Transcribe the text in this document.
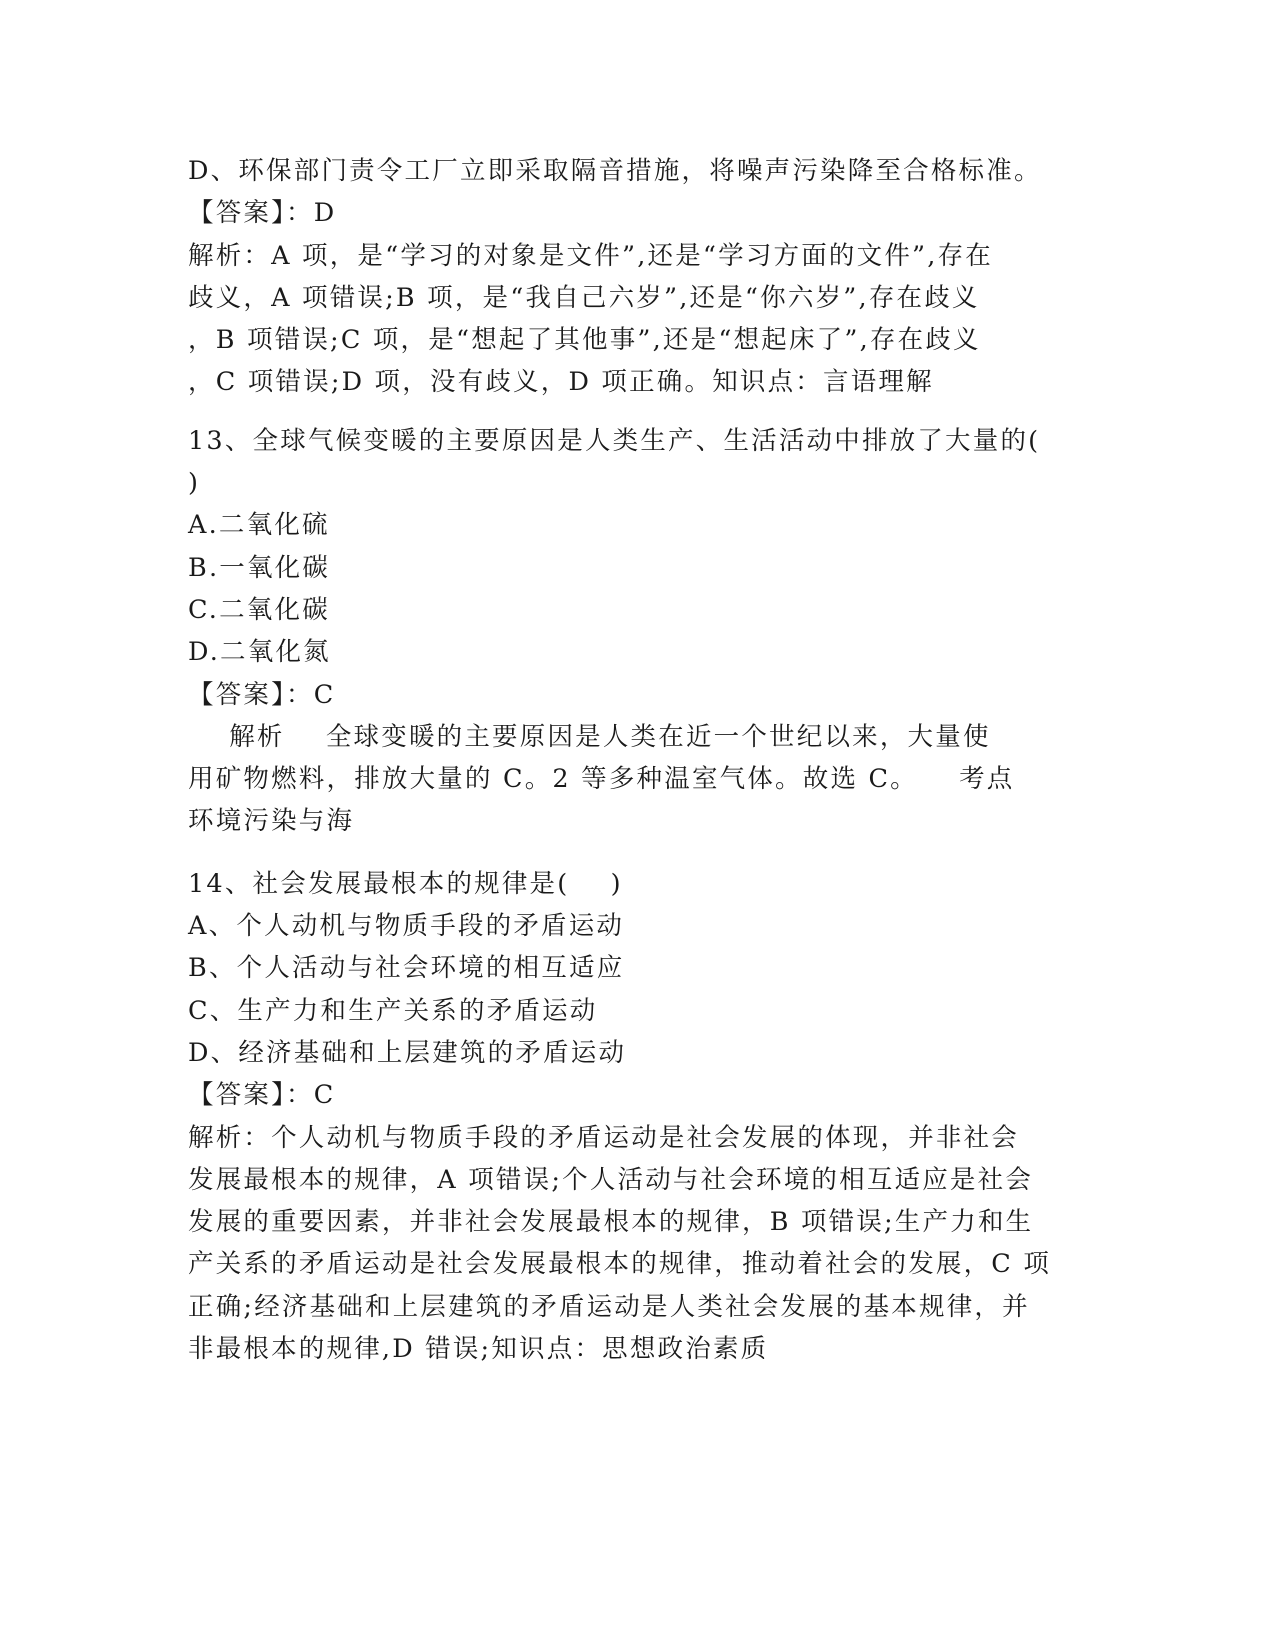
D、环保部门责令工厂立即采取隔音措施，将噪声污染降至合格标准。
【答案】：D
解析：A 项，是“学习的对象是文件”,还是“学习方面的文件”,存在
歧义，A 项错误;B 项，是“我自己六岁”,还是“你六岁”,存在歧义
，B 项错误;C 项，是“想起了其他事”,还是“想起床了”,存在歧义
，C 项错误;D 项，没有歧义，D 项正确。知识点：言语理解
13、全球气候变暖的主要原因是人类生产、生活活动中排放了大量的(
)
A.二氧化硫
B.一氧化碳
C.二氧化碳
D.二氧化氮
【答案】：C
解析    全球变暖的主要原因是人类在近一个世纪以来，大量使
用矿物燃料，排放大量的 C。2 等多种温室气体。故选 C。    考点
环境污染与海
14、社会发展最根本的规律是(    )
A、个人动机与物质手段的矛盾运动
B、个人活动与社会环境的相互适应
C、生产力和生产关系的矛盾运动
D、经济基础和上层建筑的矛盾运动
【答案】：C
解析：个人动机与物质手段的矛盾运动是社会发展的体现，并非社会
发展最根本的规律，A 项错误;个人活动与社会环境的相互适应是社会
发展的重要因素，并非社会发展最根本的规律，B 项错误;生产力和生
产关系的矛盾运动是社会发展最根本的规律，推动着社会的发展，C 项
正确;经济基础和上层建筑的矛盾运动是人类社会发展的基本规律，并
非最根本的规律,D 错误;知识点：思想政治素质
